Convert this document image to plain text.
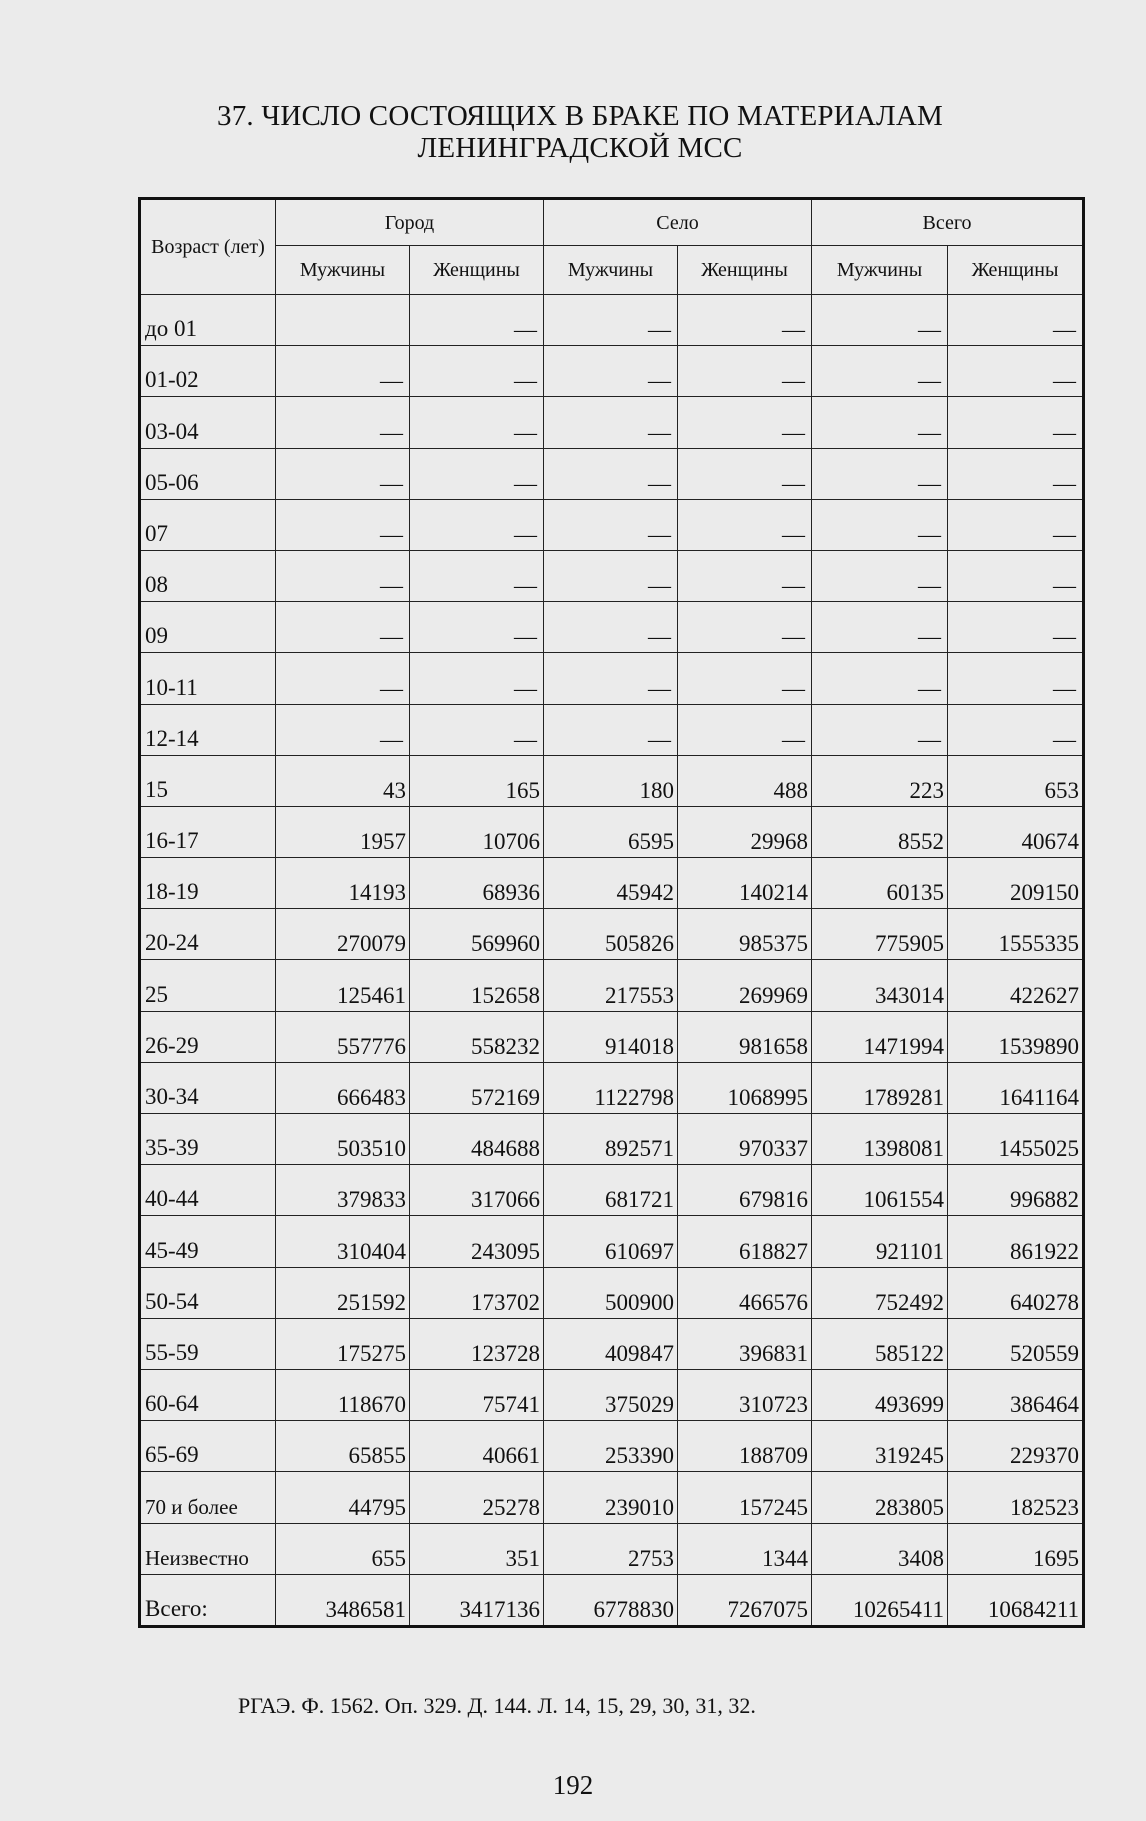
37. ЧИСЛО СОСТОЯЩИХ В БРАКЕ ПО МАТЕРИАЛАМ
ЛЕНИНГРАДСКОЙ МСС
Возраст (лет)	Город		Село		Всего	
	Мужчины	Женщины	Мужчины	Женщины	Мужчины	Женщины
до 01		—	—	—	—	—
01-02	—	—	—	—	—	—
03-04	—	—	—	—	—	—
05-06	—	—	—	—	—	—
07	—	—	—	—	—	—
08	—	—	—	—	—	—
09	—	—	—	—	—	—
10-11	—	—	—	—	—	—
12-14	—	—	—	—	—	—
15	43	165	180	488	223	653
16-17	1957	10706	6595	29968	8552	40674
18-19	14193	68936	45942	140214	60135	209150
20-24	270079	569960	505826	985375	775905	1555335
25	125461	152658	217553	269969	343014	422627
26-29	557776	558232	914018	981658	1471994	1539890
30-34	666483	572169	1122798	1068995	1789281	1641164
35-39	503510	484688	892571	970337	1398081	1455025
40-44	379833	317066	681721	679816	1061554	996882
45-49	310404	243095	610697	618827	921101	861922
50-54	251592	173702	500900	466576	752492	640278
55-59	175275	123728	409847	396831	585122	520559
60-64	118670	75741	375029	310723	493699	386464
65-69	65855	40661	253390	188709	319245	229370
70 и более	44795	25278	239010	157245	283805	182523
Неизвестно	655	351	2753	1344	3408	1695
Всего:	3486581	3417136	6778830	7267075	10265411	10684211
РГАЭ. Ф. 1562. Оп. 329. Д. 144. Л. 14, 15, 29, 30, 31, 32.
192
